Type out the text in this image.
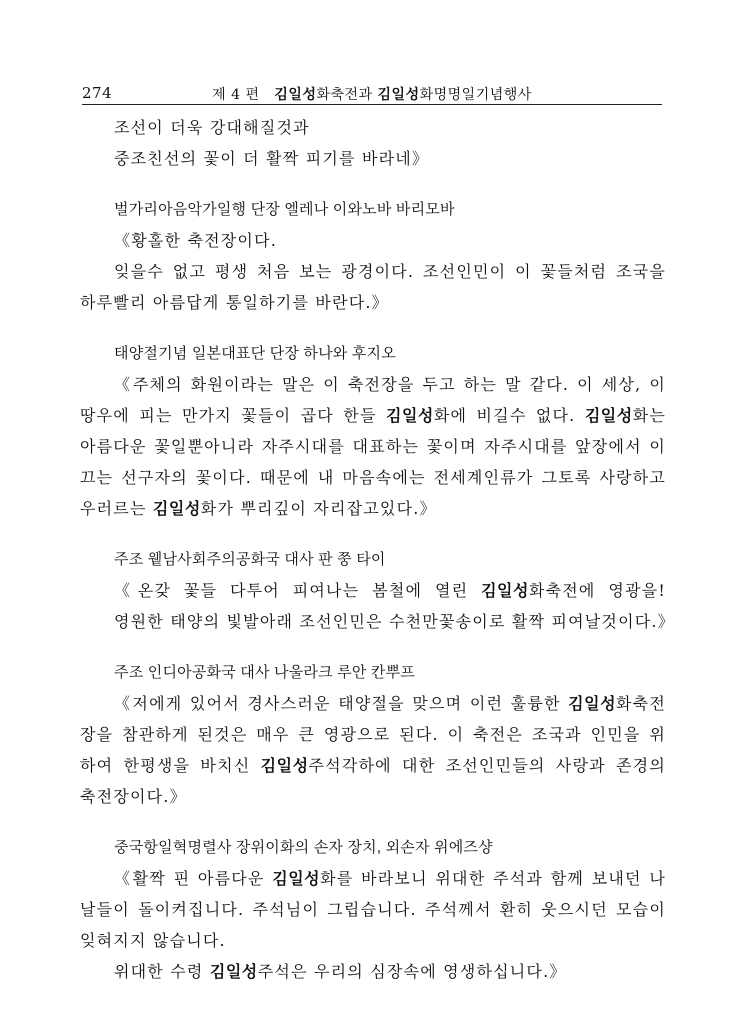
274	제 4 편 김일성화축전과 김일성화명명일기념행사
조선이 더욱 강대해질것과
중조친선의 꽃이 더 활짝 피기를 바라네》
벌가리아음악가일행 단장 엘레나 이와노바 바리모바
《황홀한 축전장이다.
잊을수 없고 평생 처음 보는 광경이다. 조선인민이 이 꽃들처럼 조국을
하루빨리 아름답게 통일하기를 바란다.》
태양절기념 일본대표단 단장 하나와 후지오
《주체의 화원이라는 말은 이 축전장을 두고 하는 말 같다. 이 세상, 이
땅우에 피는 만가지 꽃들이 곱다 한들 김일성화에 비길수 없다. 김일성화는
아름다운 꽃일뿐아니라 자주시대를 대표하는 꽃이며 자주시대를 앞장에서 이
끄는 선구자의 꽃이다. 때문에 내 마음속에는 전세계인류가 그토록 사랑하고
우러르는 김일성화가 뿌리깊이 자리잡고있다.》
주조 윁남사회주의공화국 대사 판 쭝 타이
《온갖 꽃들 다투어 피여나는 봄철에 열린 김일성화축전에 영광을!
영원한 태양의 빛발아래 조선인민은 수천만꽃송이로 활짝 피여날것이다.》
주조 인디아공화국 대사 나울라크 루안 칸뿌프
《저에게 있어서 경사스러운 태양절을 맞으며 이런 훌륭한 김일성화축전
장을 참관하게 된것은 매우 큰 영광으로 된다. 이 축전은 조국과 인민을 위
하여 한평생을 바치신 김일성주석각하에 대한 조선인민들의 사랑과 존경의
축전장이다.》
중국항일혁명렬사 장위이화의 손자 장치, 외손자 위에즈샹
《활짝 핀 아름다운 김일성화를 바라보니 위대한 주석과 함께 보내던 나
날들이 돌이켜집니다. 주석님이 그립습니다. 주석께서 환히 웃으시던 모습이
잊혀지지 않습니다.
위대한 수령 김일성주석은 우리의 심장속에 영생하십니다.》
